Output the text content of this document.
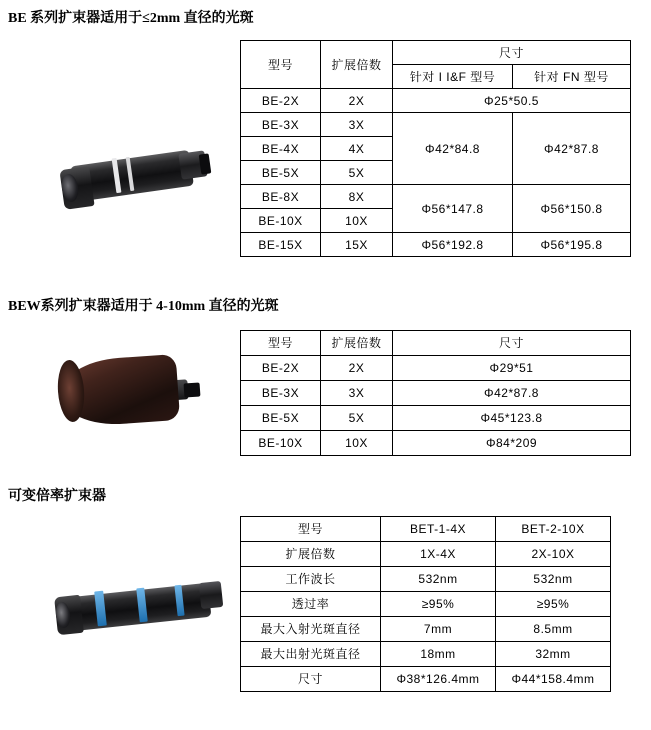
BE 系列扩束器适用于≤2mm 直径的光斑
型号	扩展倍数	尺寸	
		针对 I I&F 型号	针对 FN 型号
BE-2X	2X	Φ25*50.5	
BE-3X	3X	Φ42*84.8	Φ42*87.8
BE-4X	4X		
BE-5X	5X		
BE-8X	8X	Φ56*147.8	Φ56*150.8
BE-10X	10X		
BE-15X	15X	Φ56*192.8	Φ56*195.8
BEW系列扩束器适用于 4-10mm 直径的光斑
型号	扩展倍数	尺寸
BE-2X	2X	Φ29*51
BE-3X	3X	Φ42*87.8
BE-5X	5X	Φ45*123.8
BE-10X	10X	Φ84*209
可变倍率扩束器
型号	BET-1-4X	BET-2-10X
扩展倍数	1X-4X	2X-10X
工作波长	532nm	532nm
透过率	≥95%	≥95%
最大入射光斑直径	7mm	8.5mm
最大出射光斑直径	18mm	32mm
尺寸	Φ38*126.4mm	Φ44*158.4mm
